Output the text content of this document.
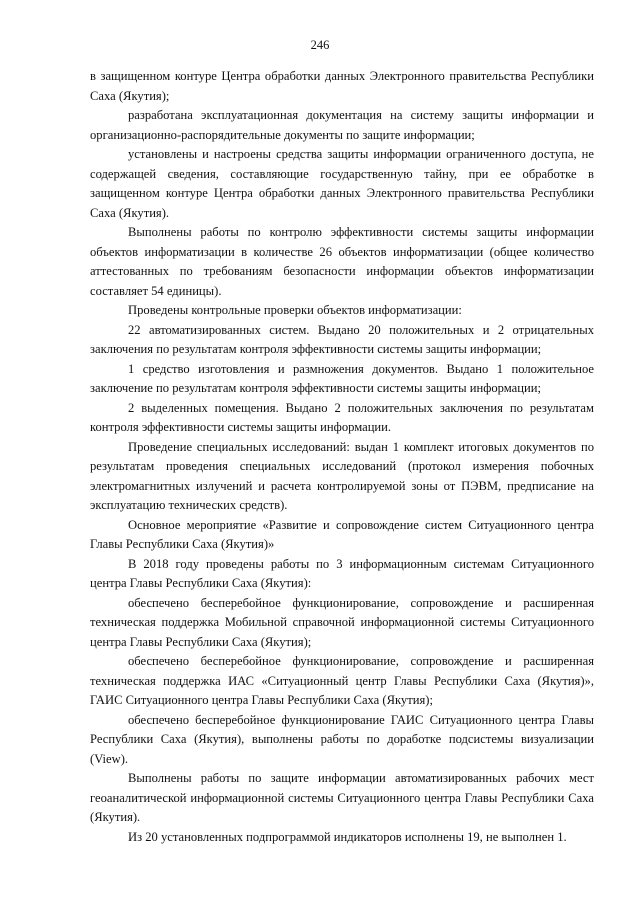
246

в защищенном контуре Центра обработки данных Электронного правительства Республики Саха (Якутия);

разработана эксплуатационная документация на систему защиты информации и организационно-распорядительные документы по защите информации;

установлены и настроены средства защиты информации ограниченного доступа, не содержащей сведения, составляющие государственную тайну, при ее обработке в защищенном контуре Центра обработки данных Электронного правительства Республики Саха (Якутия).

Выполнены работы по контролю эффективности системы защиты информации объектов информатизации в количестве 26 объектов информатизации (общее количество аттестованных по требованиям безопасности информации объектов информатизации составляет 54 единицы).

Проведены контрольные проверки объектов информатизации:

22 автоматизированных систем. Выдано 20 положительных и 2 отрицательных заключения по результатам контроля эффективности системы защиты информации;

1 средство изготовления и размножения документов. Выдано 1 положительное заключение по результатам контроля эффективности системы защиты информации;

2 выделенных помещения. Выдано 2 положительных заключения по результатам контроля эффективности системы защиты информации.

Проведение специальных исследований: выдан 1 комплект итоговых документов по результатам проведения специальных исследований (протокол измерения побочных электромагнитных излучений и расчета контролируемой зоны от ПЭВМ, предписание на эксплуатацию технических средств).

Основное мероприятие «Развитие и сопровождение систем Ситуационного центра Главы Республики Саха (Якутия)»

В 2018 году проведены работы по 3 информационным системам Ситуационного центра Главы Республики Саха (Якутия):

обеспечено бесперебойное функционирование, сопровождение и расширенная техническая поддержка Мобильной справочной информационной системы Ситуационного центра Главы Республики Саха (Якутия);

обеспечено бесперебойное функционирование, сопровождение и расширенная техническая поддержка ИАС «Ситуационный центр Главы Республики Саха (Якутия)», ГАИС Ситуационного центра Главы Республики Саха (Якутия);

обеспечено бесперебойное функционирование ГАИС Ситуационного центра Главы Республики Саха (Якутия), выполнены работы по доработке подсистемы визуализации (View).

Выполнены работы по защите информации автоматизированных рабочих мест геоаналитической информационной системы Ситуационного центра Главы Республики Саха (Якутия).

Из 20 установленных подпрограммой индикаторов исполнены 19, не выполнен 1.
